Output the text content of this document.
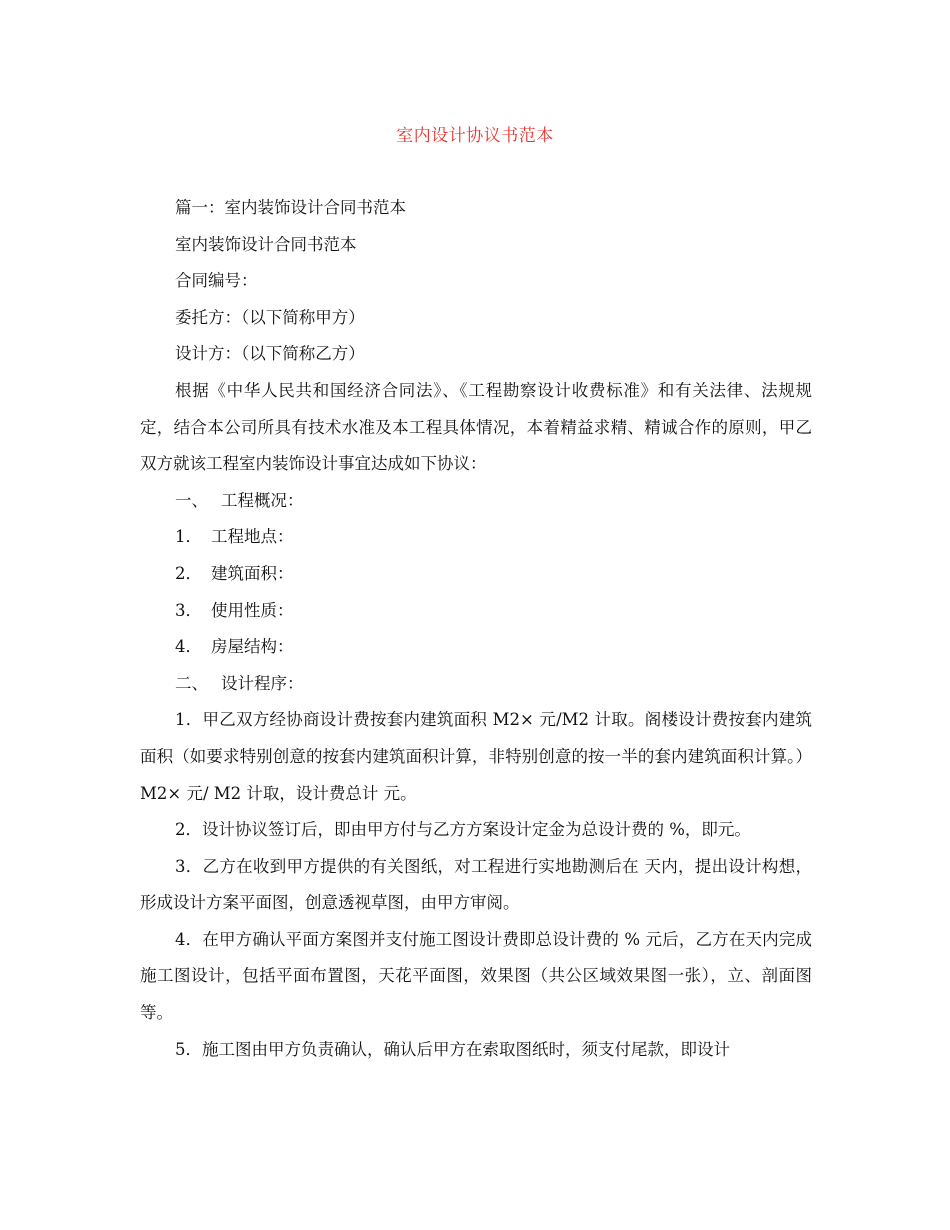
室内设计协议书范本

篇一：室内装饰设计合同书范本

室内装饰设计合同书范本

合同编号：

委托方：（以下简称甲方）

设计方：（以下简称乙方）

根据《中华人民共和国经济合同法》、《工程勘察设计收费标准》和有关法律、法规规定，结合本公司所具有技术水准及本工程具体情况，本着精益求精、精诚合作的原则，甲乙双方就该工程室内装饰设计事宜达成如下协议：

一、 工程概况：

1． 工程地点：

2． 建筑面积：

3． 使用性质：

4． 房屋结构：

二、 设计程序：

1．甲乙双方经协商设计费按套内建筑面积 M2× 元/M2 计取。阁楼设计费按套内建筑面积（如要求特别创意的按套内建筑面积计算，非特别创意的按一半的套内建筑面积计算。） M2× 元/ M2 计取，设计费总计 元。

2．设计协议签订后，即由甲方付与乙方方案设计定金为总设计费的 %，即元。

3．乙方在收到甲方提供的有关图纸，对工程进行实地勘测后在 天内，提出设计构想，形成设计方案平面图，创意透视草图，由甲方审阅。

4．在甲方确认平面方案图并支付施工图设计费即总设计费的 % 元后，乙方在天内完成施工图设计，包括平面布置图，天花平面图，效果图（共公区域效果图一张），立、剖面图等。

5．施工图由甲方负责确认，确认后甲方在索取图纸时，须支付尾款，即设计
